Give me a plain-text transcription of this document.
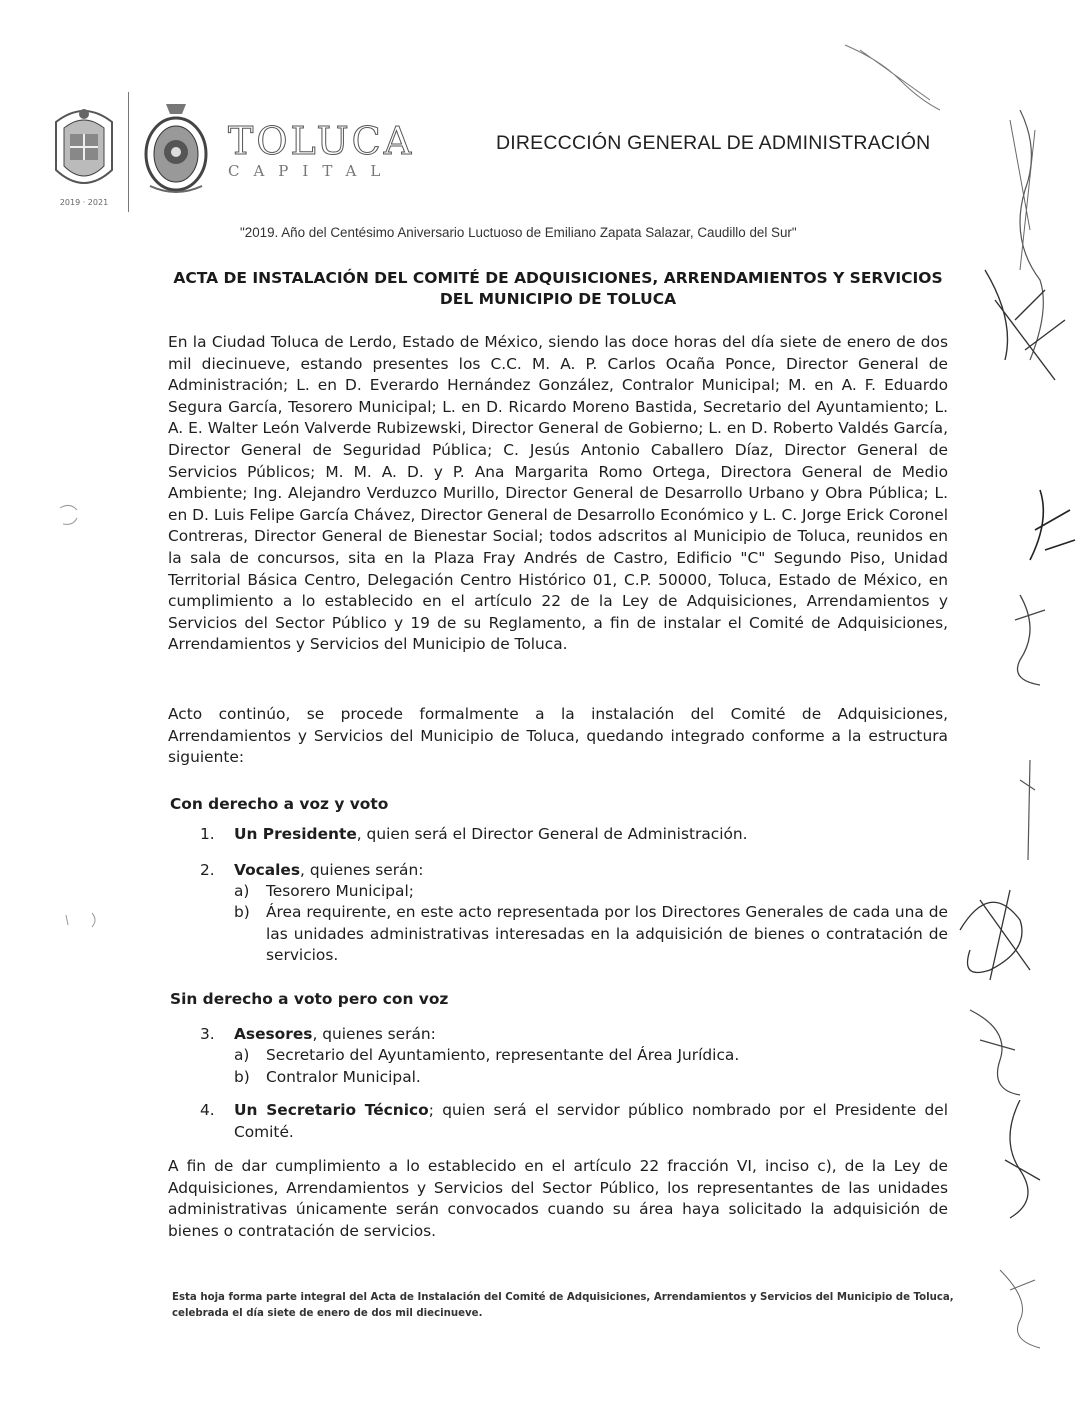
2019 · 2021
TOLUCA
CAPITAL
DIRECCCIÓN GENERAL DE ADMINISTRACIÓN
"2019. Año del Centésimo Aniversario Luctuoso de Emiliano Zapata Salazar, Caudillo del Sur"
ACTA DE INSTALACIÓN DEL COMITÉ DE ADQUISICIONES, ARRENDAMIENTOS Y SERVICIOS
DEL MUNICIPIO DE TOLUCA
En la Ciudad Toluca de Lerdo, Estado de México, siendo las doce horas del día siete de enero de dos mil diecinueve, estando presentes los C.C. M. A. P. Carlos Ocaña Ponce, Director General de Administración; L. en D. Everardo Hernández González, Contralor Municipal; M. en A. F. Eduardo Segura García, Tesorero Municipal; L. en D. Ricardo Moreno Bastida, Secretario del Ayuntamiento; L. A. E. Walter León Valverde Rubizewski, Director General de Gobierno; L. en D. Roberto Valdés García, Director General de Seguridad Pública; C. Jesús Antonio Caballero Díaz, Director General de Servicios Públicos; M. M. A. D. y P. Ana Margarita Romo Ortega, Directora General de Medio Ambiente; Ing. Alejandro Verduzco Murillo, Director General de Desarrollo Urbano y Obra Pública; L. en D. Luis Felipe García Chávez, Director General de Desarrollo Económico y L. C. Jorge Erick Coronel Contreras, Director General de Bienestar Social; todos adscritos al Municipio de Toluca, reunidos en la sala de concursos, sita en la Plaza Fray Andrés de Castro, Edificio "C" Segundo Piso, Unidad Territorial Básica Centro, Delegación Centro Histórico 01, C.P. 50000, Toluca, Estado de México, en cumplimiento a lo establecido en el artículo 22 de la Ley de Adquisiciones, Arrendamientos y Servicios del Sector Público y 19 de su Reglamento, a fin de instalar el Comité de Adquisiciones, Arrendamientos y Servicios del Municipio de Toluca.
Acto continúo, se procede formalmente a la instalación del Comité de Adquisiciones, Arrendamientos y Servicios del Municipio de Toluca, quedando integrado conforme a la estructura siguiente:
Con derecho a voz y voto
1.	Un Presidente, quien será el Director General de Administración.
2.	Vocales, quienes serán:
a)	Tesorero Municipal;
b)	Área requirente, en este acto representada por los Directores Generales de cada una de las unidades administrativas interesadas en la adquisición de bienes o contratación de servicios.
Sin derecho a voto pero con voz
3.	Asesores, quienes serán:
a)	Secretario del Ayuntamiento, representante del Área Jurídica.
b)	Contralor Municipal.
4.	Un Secretario Técnico; quien será el servidor público nombrado por el Presidente del Comité.
A fin de dar cumplimiento a lo establecido en el artículo 22 fracción VI, inciso c), de la Ley de Adquisiciones, Arrendamientos y Servicios del Sector Público, los representantes de las unidades administrativas únicamente serán convocados cuando su área haya solicitado la adquisición de bienes o contratación de servicios.
Esta hoja forma parte integral del Acta de Instalación del Comité de Adquisiciones, Arrendamientos y Servicios del Municipio de Toluca, celebrada el día siete de enero de dos mil diecinueve.
